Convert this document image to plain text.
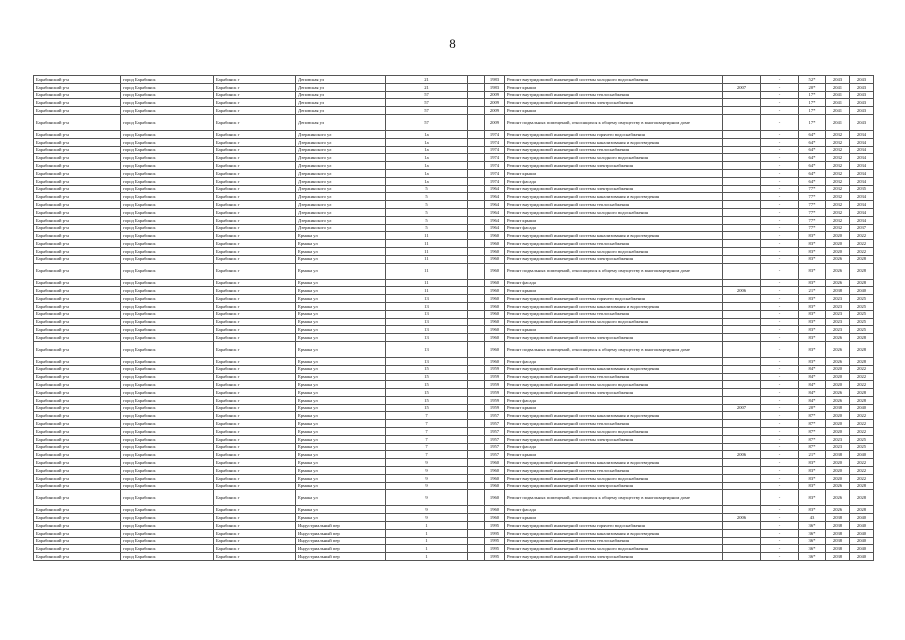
8
Барабинский р-н	город Барабинск	Барабинск г	Деповская ул	21		1983	Ремонт внутридомовой инженерной системы холодного водоснабжения		-	52*	2043	2043
Барабинский р-н	город Барабинск	Барабинск г	Деповская ул	21		1983	Ремонт крыши	2007	-	20*	2041	2043
Барабинский р-н	город Барабинск	Барабинск г	Деповская ул	57		2009	Ремонт внутридомовой инженерной системы теплоснабжения		-	17*	2041	2043
Барабинский р-н	город Барабинск	Барабинск г	Деповская ул	57		2009	Ремонт внутридомовой инженерной системы электроснабжения		-	17*	2041	2043
Барабинский р-н	город Барабинск	Барабинск г	Деповская ул	57		2009	Ремонт крыши		-	17*	2041	2043
Барабинский р-н	город Барабинск	Барабинск г	Деповская ул	57		2009	Ремонт подвальных помещений, относящихся к общему имуществу в многоквартирном доме		-	17*	2041	2043
Барабинский р-н	город Барабинск	Барабинск г	Дзержинского ул	1а		1974	Ремонт внутридомовой инженерной системы горячего водоснабжения		-	64*	2032	2034
Барабинский р-н	город Барабинск	Барабинск г	Дзержинского ул	1а		1974	Ремонт внутридомовой инженерной системы канализования и водоотведения		-	64*	2032	2034
Барабинский р-н	город Барабинск	Барабинск г	Дзержинского ул	1а		1974	Ремонт внутридомовой инженерной системы теплоснабжения		-	64*	2032	2034
Барабинский р-н	город Барабинск	Барабинск г	Дзержинского ул	1а		1974	Ремонт внутридомовой инженерной системы холодного водоснабжения		-	64*	2032	2034
Барабинский р-н	город Барабинск	Барабинск г	Дзержинского ул	1а		1974	Ремонт внутридомовой инженерной системы электроснабжения		-	64*	2032	2034
Барабинский р-н	город Барабинск	Барабинск г	Дзержинского ул	1а		1974	Ремонт крыши		-	64*	2032	2034
Барабинский р-н	город Барабинск	Барабинск г	Дзержинского ул	1а		1974	Ремонт фасада		-	64*	2032	2034
Барабинский р-н	город Барабинск	Барабинск г	Дзержинского ул	5		1964	Ремонт внутридомовой инженерной системы электроснабжения		-	77*	2032	2035
Барабинский р-н	город Барабинск	Барабинск г	Дзержинского ул	5		1964	Ремонт внутридомовой инженерной системы канализования и водоотведения		-	77*	2032	2034
Барабинский р-н	город Барабинск	Барабинск г	Дзержинского ул	5		1964	Ремонт внутридомовой инженерной системы теплоснабжения		-	77*	2032	2034
Барабинский р-н	город Барабинск	Барабинск г	Дзержинского ул	5		1964	Ремонт внутридомовой инженерной системы холодного водоснабжения		-	77*	2032	2034
Барабинский р-н	город Барабинск	Барабинск г	Дзержинского ул	5		1964	Ремонт крыши		-	77*	2032	2034
Барабинский р-н	город Барабинск	Барабинск г	Дзержинского ул	5		1964	Ремонт фасада		-	77*	2032	2037
Барабинский р-н	город Барабинск	Барабинск г	Ермака ул	11		1960	Ремонт внутридомовой инженерной системы канализования и водоотведения		-	83*	2020	2022
Барабинский р-н	город Барабинск	Барабинск г	Ермака ул	11		1960	Ремонт внутридомовой инженерной системы теплоснабжения		-	83*	2020	2022
Барабинский р-н	город Барабинск	Барабинск г	Ермака ул	11		1960	Ремонт внутридомовой инженерной системы холодного водоснабжения		-	83*	2020	2022
Барабинский р-н	город Барабинск	Барабинск г	Ермака ул	11		1960	Ремонт внутридомовой инженерной системы электроснабжения		-	83*	2026	2028
Барабинский р-н	город Барабинск	Барабинск г	Ермака ул	11		1960	Ремонт подвальных помещений, относящихся к общему имуществу в многоквартирном доме		-	83*	2026	2028
Барабинский р-н	город Барабинск	Барабинск г	Ермака ул	11		1960	Ремонт фасада		-	83*	2026	2028
Барабинский р-н	город Барабинск	Барабинск г	Ермака ул	11		1960	Ремонт крыши	2006	-	21*	2038	2040
Барабинский р-н	город Барабинск	Барабинск г	Ермака ул	13		1960	Ремонт внутридомовой инженерной системы горячего водоснабжения		-	83*	2023	2025
Барабинский р-н	город Барабинск	Барабинск г	Ермака ул	13		1960	Ремонт внутридомовой инженерной системы канализования и водоотведения		-	83*	2023	2025
Барабинский р-н	город Барабинск	Барабинск г	Ермака ул	13		1960	Ремонт внутридомовой инженерной системы теплоснабжения		-	83*	2023	2025
Барабинский р-н	город Барабинск	Барабинск г	Ермака ул	13		1960	Ремонт внутридомовой инженерной системы холодного водоснабжения		-	83*	2023	2025
Барабинский р-н	город Барабинск	Барабинск г	Ермака ул	13		1960	Ремонт крыши		-	83*	2023	2025
Барабинский р-н	город Барабинск	Барабинск г	Ермака ул	13		1960	Ремонт внутридомовой инженерной системы электроснабжения		-	83*	2026	2028
Барабинский р-н	город Барабинск	Барабинск г	Ермака ул	13		1960	Ремонт подвальных помещений, относящихся к общему имуществу в многоквартирном доме		-	83*	2026	2028
Барабинский р-н	город Барабинск	Барабинск г	Ермака ул	13		1960	Ремонт фасада		-	83*	2026	2028
Барабинский р-н	город Барабинск	Барабинск г	Ермака ул	15		1959	Ремонт внутридомовой инженерной системы канализования и водоотведения		-	84*	2020	2022
Барабинский р-н	город Барабинск	Барабинск г	Ермака ул	15		1959	Ремонт внутридомовой инженерной системы теплоснабжения		-	84*	2020	2022
Барабинский р-н	город Барабинск	Барабинск г	Ермака ул	15		1959	Ремонт внутридомовой инженерной системы холодного водоснабжения		-	84*	2020	2022
Барабинский р-н	город Барабинск	Барабинск г	Ермака ул	15		1959	Ремонт внутридомовой инженерной системы электроснабжения		-	84*	2026	2028
Барабинский р-н	город Барабинск	Барабинск г	Ермака ул	15		1959	Ремонт фасада		-	84*	2026	2028
Барабинский р-н	город Барабинск	Барабинск г	Ермака ул	15		1959	Ремонт крыши	2007	-	20*	2038	2040
Барабинский р-н	город Барабинск	Барабинск г	Ермака ул	7		1957	Ремонт внутридомовой инженерной системы канализования и водоотведения		-	87*	2020	2022
Барабинский р-н	город Барабинск	Барабинск г	Ермака ул	7		1957	Ремонт внутридомовой инженерной системы теплоснабжения		-	87*	2020	2022
Барабинский р-н	город Барабинск	Барабинск г	Ермака ул	7		1957	Ремонт внутридомовой инженерной системы холодного водоснабжения		-	87*	2020	2022
Барабинский р-н	город Барабинск	Барабинск г	Ермака ул	7		1957	Ремонт внутридомовой инженерной системы электроснабжения		-	87*	2023	2025
Барабинский р-н	город Барабинск	Барабинск г	Ермака ул	7		1957	Ремонт фасада		-	87*	2023	2025
Барабинский р-н	город Барабинск	Барабинск г	Ермака ул	7		1957	Ремонт крыши	2006	-	21*	2038	2040
Барабинский р-н	город Барабинск	Барабинск г	Ермака ул	9		1960	Ремонт внутридомовой инженерной системы канализования и водоотведения		-	83*	2020	2022
Барабинский р-н	город Барабинск	Барабинск г	Ермака ул	9		1960	Ремонт внутридомовой инженерной системы теплоснабжения		-	83*	2020	2022
Барабинский р-н	город Барабинск	Барабинск г	Ермака ул	9		1960	Ремонт внутридомовой инженерной системы холодного водоснабжения		-	83*	2020	2022
Барабинский р-н	город Барабинск	Барабинск г	Ермака ул	9		1960	Ремонт внутридомовой инженерной системы электроснабжения		-	83*	2026	2028
Барабинский р-н	город Барабинск	Барабинск г	Ермака ул	9		1960	Ремонт подвальных помещений, относящихся к общему имуществу в многоквартирном доме		-	83*	2026	2028
Барабинский р-н	город Барабинск	Барабинск г	Ермака ул	9		1960	Ремонт фасада		-	83*	2026	2028
Барабинский р-н	город Барабинск	Барабинск г	Ермака ул	9		1960	Ремонт крыши	2006	-	43	2038	2040
Барабинский р-н	город Барабинск	Барабинск г	Индустриальный пер	1		1995	Ремонт внутридомовой инженерной системы горячего водоснабжения		-	36*	2038	2040
Барабинский р-н	город Барабинск	Барабинск г	Индустриальный пер	1		1995	Ремонт внутридомовой инженерной системы канализования и водоотведения		-	36*	2038	2040
Барабинский р-н	город Барабинск	Барабинск г	Индустриальный пер	1		1995	Ремонт внутридомовой инженерной системы теплоснабжения		-	36*	2038	2040
Барабинский р-н	город Барабинск	Барабинск г	Индустриальный пер	1		1995	Ремонт внутридомовой инженерной системы холодного водоснабжения		-	36*	2038	2040
Барабинский р-н	город Барабинск	Барабинск г	Индустриальный пер	1		1995	Ремонт внутридомовой инженерной системы электроснабжения		-	36*	2038	2040
